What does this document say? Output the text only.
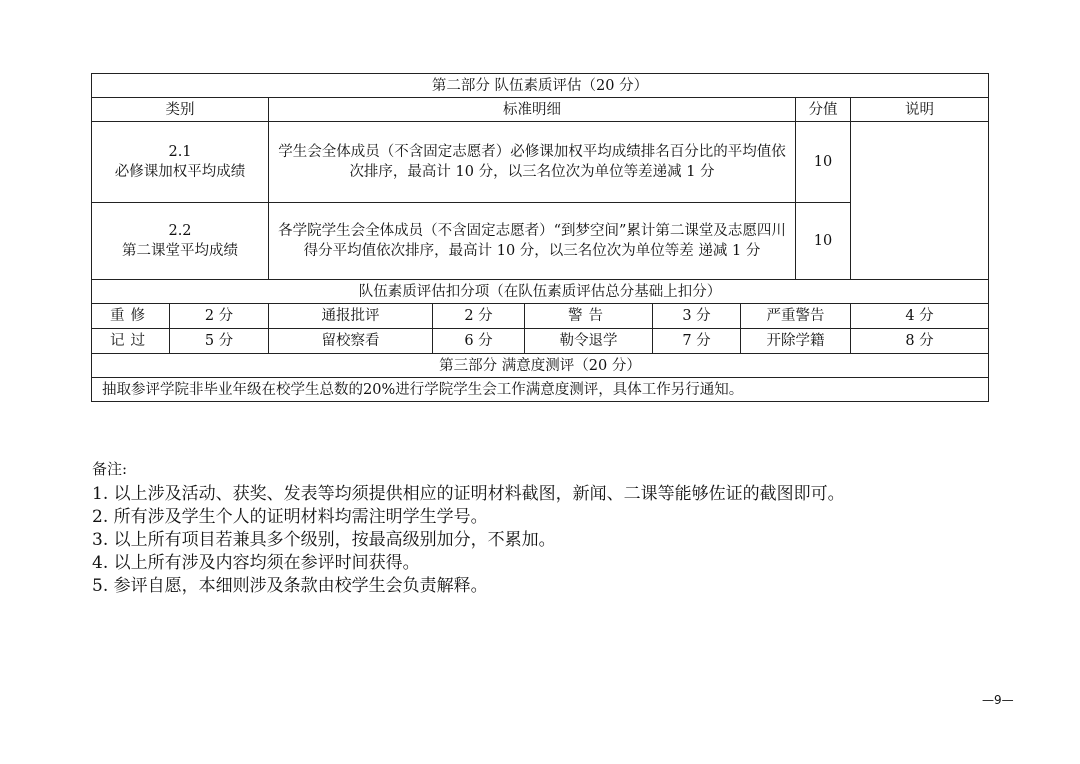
第二部分 队伍素质评估（20 分）								
类别		标准明细					分值	说明

2.1
必修课加权平均成绩		学生会全体成员（不含固定志愿者）必修课加权平均成绩排名百分比的平均值依次排序，最高计 10 分，以三名位次为单位等差递减 1 分					10	

2.2
第二课堂平均成绩		各学院学生会全体成员（不含固定志愿者）“到梦空间”累计第二课堂及志愿四川得分平均值依次排序，最高计 10 分，以三名位次为单位等差 递减 1 分					10	
队伍素质评估扣分项（在队伍素质评估总分基础上扣分）								
重修	2 分	通报批评	2 分	警告	3 分	严重警告		4 分
记过	5 分	留校察看	6 分	勒令退学	7 分	开除学籍		8 分
第三部分 满意度测评（20 分）								
抽取参评学院非毕业年级在校学生总数的20%进行学院学生会工作满意度测评，具体工作另行通知。								
备注:
1. 以上涉及活动、获奖、发表等均须提供相应的证明材料截图，新闻、二课等能够佐证的截图即可。
2. 所有涉及学生个人的证明材料均需注明学生学号。
3. 以上所有项目若兼具多个级别，按最高级别加分，不累加。
4. 以上所有涉及内容均须在参评时间获得。
5. 参评自愿，本细则涉及条款由校学生会负责解释。
—9—
